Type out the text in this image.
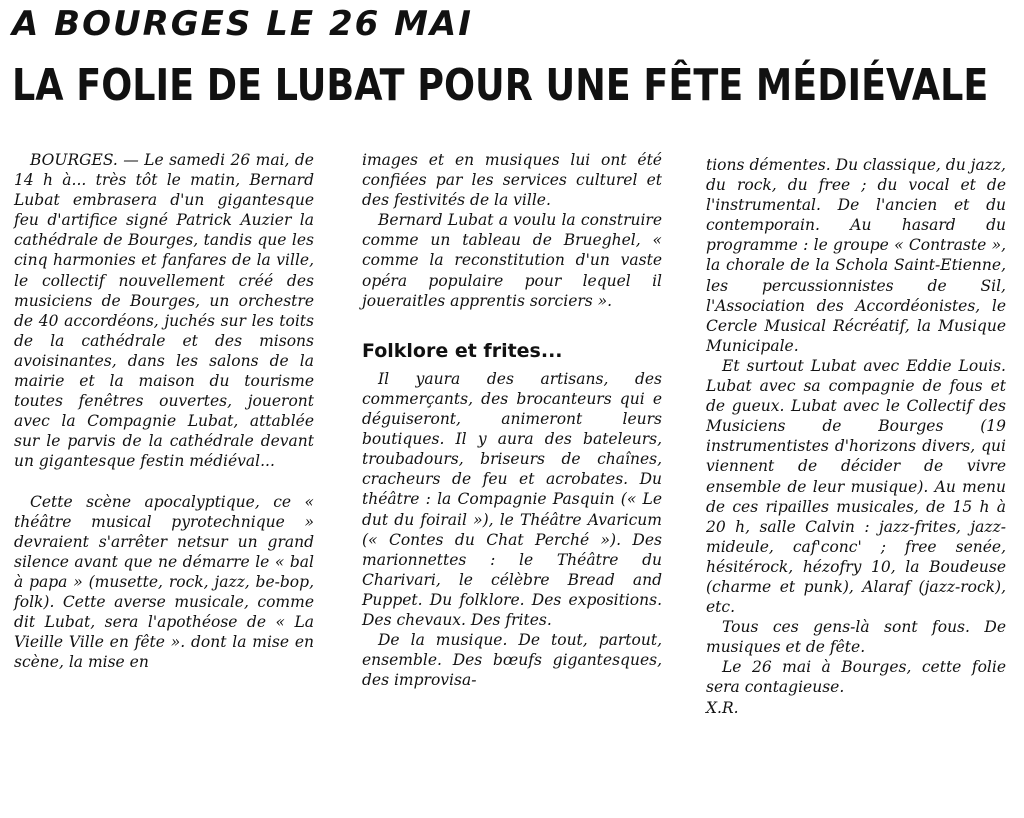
A BOURGES LE 26 MAI
LA FOLIE DE LUBAT POUR UNE FÊTE MÉDIÉVALE

BOURGES. — Le samedi 26 mai, de 14 h à... très tôt le matin, Bernard Lubat embrasera d'un gigantesque feu d'artifice signé Patrick Auzier la cathédrale de Bourges, tandis que les cinq harmonies et fanfares de la ville, le collectif nouvellement créé des musiciens de Bourges, un orchestre de 40 accordéons, juchés sur les toits de la cathédrale et des misons avoisinantes, dans les salons de la mairie et la maison du tourisme toutes fenêtres ouvertes, joueront avec la Compagnie Lubat, attablée sur le parvis de la cathédrale devant un gigantesque festin médiéval...

Cette scène apocalyptique, ce « théâtre musical pyrotechnique » devraient s'arrêter netsur un grand silence avant que ne démarre le « bal à papa » (musette, rock, jazz, be-bop, folk). Cette averse musicale, comme dit Lubat, sera l'apothéose de « La Vieille Ville en fête ». dont la mise en scène, la mise en

images et en musiques lui ont été confiées par les services culturel et des festivités de la ville.

Bernard Lubat a voulu la construire comme un tableau de Brueghel, « comme la reconstitution d'un vaste opéra populaire pour lequel il joueraitles apprentis sorciers ».

Folklore et frites...

Il yaura des artisans, des commerçants, des brocanteurs qui e déguiseront, animeront leurs boutiques. Il y aura des bateleurs, troubadours, briseurs de chaînes, cracheurs de feu et acrobates. Du théâtre : la Compagnie Pasquin (« Le dut du foirail »), le Théâtre Avaricum (« Contes du Chat Perché »). Des marionnettes : le Théâtre du Charivari, le célèbre Bread and Puppet. Du folklore. Des expositions. Des chevaux. Des frites.

De la musique. De tout, partout, ensemble. Des bœufs gigantesques, des improvisa-

tions démentes. Du classique, du jazz, du rock, du free ; du vocal et de l'instrumental. De l'ancien et du contemporain. Au hasard du programme : le groupe « Contraste », la chorale de la Schola Saint-Etienne, les percussionnistes de Sil, l'Association des Accordéonistes, le Cercle Musical Récréatif, la Musique Municipale.

Et surtout Lubat avec Eddie Louis. Lubat avec sa compagnie de fous et de gueux. Lubat avec le Collectif des Musiciens de Bourges (19 instrumentistes d'horizons divers, qui viennent de décider de vivre ensemble de leur musique). Au menu de ces ripailles musicales, de 15 h à 20 h, salle Calvin : jazz-frites, jazz-mideule, caf'conc' ; free senée, hésitérock, hézofry 10, la Boudeuse (charme et punk), Alaraf (jazz-rock), etc.

Tous ces gens-là sont fous. De musiques et de fête.

Le 26 mai à Bourges, cette folie sera contagieuse.

X.R.
